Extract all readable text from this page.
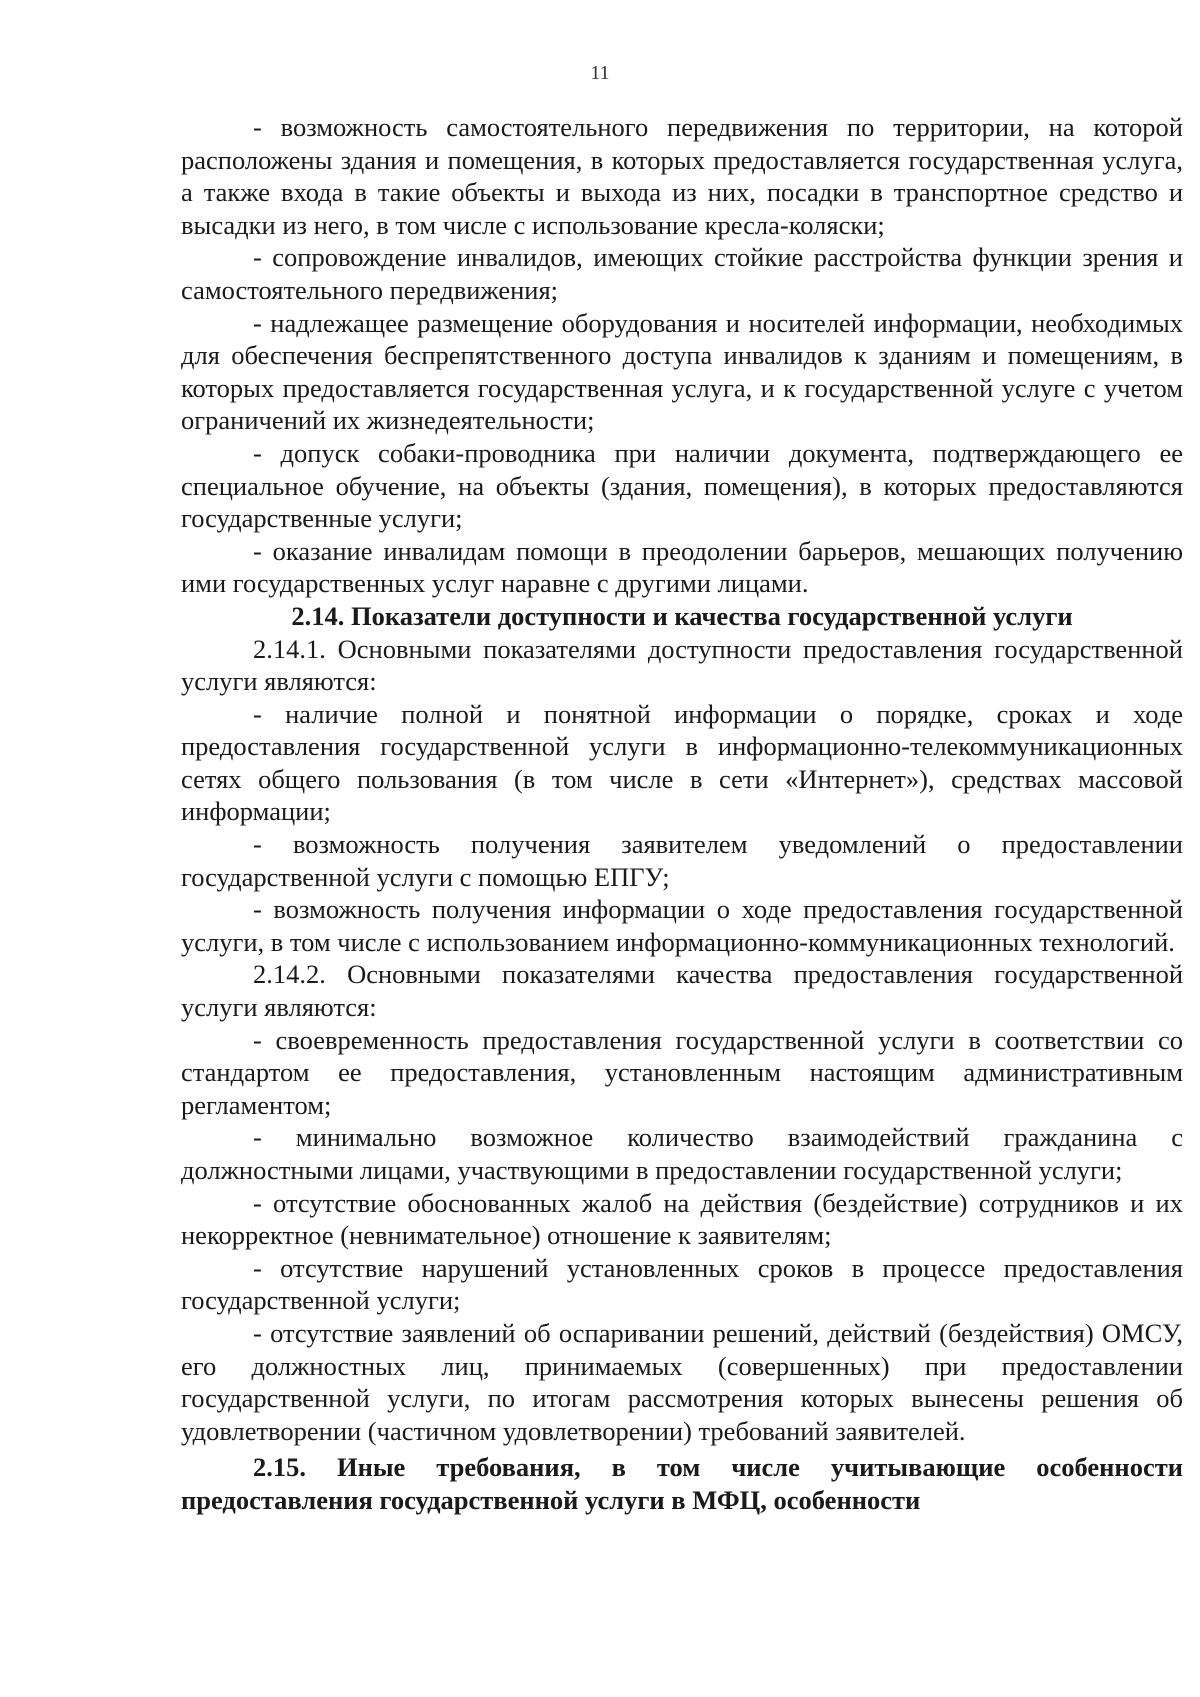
11

- возможность самостоятельного передвижения по территории, на которой расположены здания и помещения, в которых предоставляется государственная услуга, а также входа в такие объекты и выхода из них, посадки в транспортное средство и высадки из него, в том числе с использование кресла-коляски;

- сопровождение инвалидов, имеющих стойкие расстройства функции зрения и самостоятельного передвижения;

- надлежащее размещение оборудования и носителей информации, необходимых для обеспечения беспрепятственного доступа инвалидов к зданиям и помещениям, в которых предоставляется государственная услуга, и к государственной услуге с учетом ограничений их жизнедеятельности;

- допуск собаки-проводника при наличии документа, подтверждающего ее специальное обучение, на объекты (здания, помещения), в которых предоставляются государственные услуги;

- оказание инвалидам помощи в преодолении барьеров, мешающих получению ими государственных услуг наравне с другими лицами.

2.14. Показатели доступности и качества государственной услуги

2.14.1. Основными показателями доступности предоставления государственной услуги являются:

- наличие полной и понятной информации о порядке, сроках и ходе предоставления государственной услуги в информационно-телекоммуникационных сетях общего пользования (в том числе в сети «Интернет»), средствах массовой информации;

- возможность получения заявителем уведомлений о предоставлении государственной услуги с помощью ЕПГУ;

- возможность получения информации о ходе предоставления государственной услуги, в том числе с использованием информационно-коммуникационных технологий.

2.14.2. Основными показателями качества предоставления государственной услуги являются:

- своевременность предоставления государственной услуги в соответствии со стандартом ее предоставления, установленным настоящим административным регламентом;

- минимально возможное количество взаимодействий гражданина с должностными лицами, участвующими в предоставлении государственной услуги;

- отсутствие обоснованных жалоб на действия (бездействие) сотрудников и их некорректное (невнимательное) отношение к заявителям;

- отсутствие нарушений установленных сроков в процессе предоставления государственной услуги;

- отсутствие заявлений об оспаривании решений, действий (бездействия) ОМСУ, его должностных лиц, принимаемых (совершенных) при предоставлении государственной услуги, по итогам рассмотрения которых вынесены решения об удовлетворении (частичном удовлетворении) требований заявителей.

2.15. Иные требования, в том числе учитывающие особенности предоставления государственной услуги в МФЦ, особенности
